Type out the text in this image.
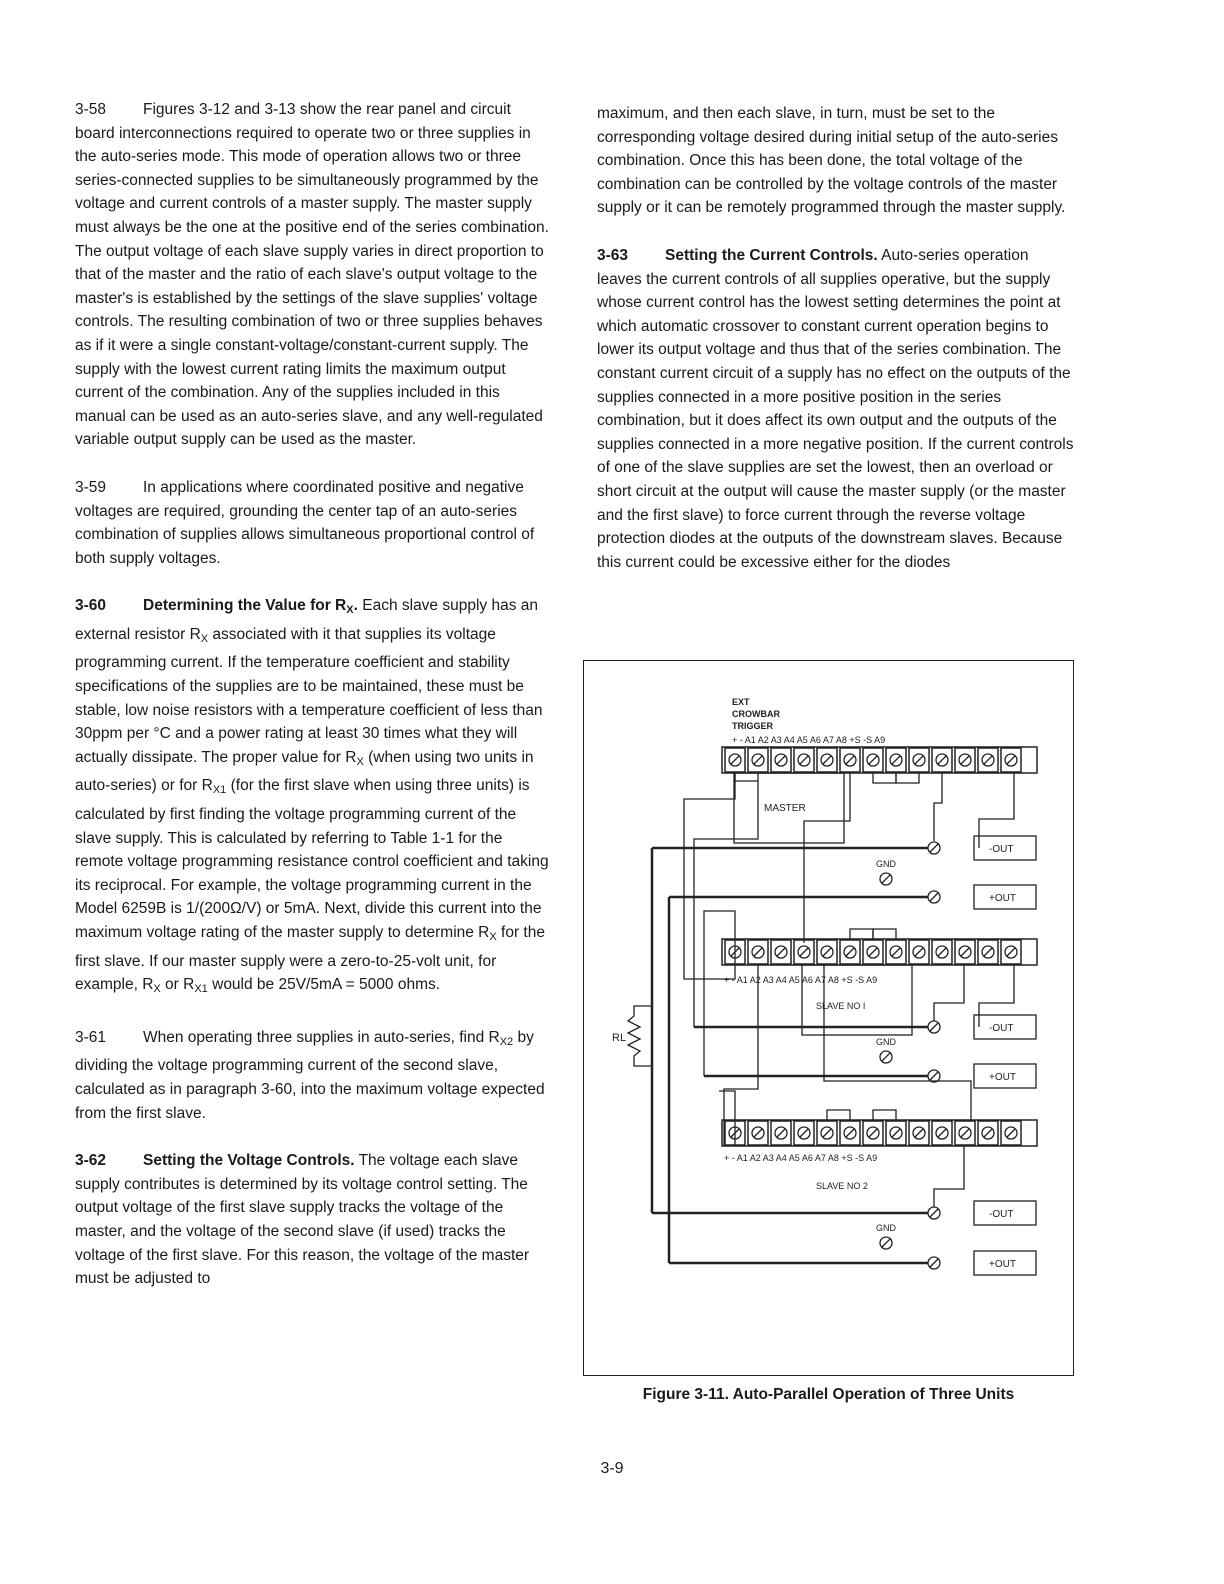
3-58 Figures 3-12 and 3-13 show the rear panel and circuit board interconnections required to operate two or three supplies in the auto-series mode. This mode of operation allows two or three series-connected supplies to be simultaneously programmed by the voltage and current controls of a master supply. The master supply must always be the one at the positive end of the series combination. The output voltage of each slave supply varies in direct proportion to that of the master and the ratio of each slave's output voltage to the master's is established by the settings of the slave supplies' voltage controls. The resulting combination of two or three supplies behaves as if it were a single constant-voltage/constant-current supply. The supply with the lowest current rating limits the maximum output current of the combination. Any of the supplies included in this manual can be used as an auto-series slave, and any well-regulated variable output supply can be used as the master.

3-59 In applications where coordinated positive and negative voltages are required, grounding the center tap of an auto-series combination of supplies allows simultaneous proportional control of both supply voltages.

3-60 Determining the Value for $R_X$. Each slave supply has an external resistor $R_X$ associated with it that supplies its voltage programming current. If the temperature coefficient and stability specifications of the supplies are to be maintained, these must be stable, low noise resistors with a temperature coefficient of less than 30ppm per °C and a power rating at least 30 times what they will actually dissipate. The proper value for $R_X$ (when using two units in auto-series) or for $R_{X1}$ (for the first slave when using three units) is calculated by first finding the voltage programming current of the slave supply. This is calculated by referring to Table 1-1 for the remote voltage programming resistance control coefficient and taking its reciprocal. For example, the voltage programming current in the Model 6259B is 1/(200Ω/V) or 5mA. Next, divide this current into the maximum voltage rating of the master supply to determine $R_X$ for the first slave. If our master supply were a zero-to-25-volt unit, for example, $R_X$ or $R_{X1}$ would be 25V/5mA = 5000 ohms.

3-61 When operating three supplies in auto-series, find $R_{X2}$ by dividing the voltage programming current of the second slave, calculated as in paragraph 3-60, into the maximum voltage expected from the first slave.

3-62 Setting the Voltage Controls. The voltage each slave supply contributes is determined by its voltage control setting. The output voltage of the first slave supply tracks the voltage of the master, and the voltage of the second slave (if used) tracks the voltage of the first slave. For this reason, the voltage of the master must be adjusted to

maximum, and then each slave, in turn, must be set to the corresponding voltage desired during initial setup of the auto-series combination. Once this has been done, the total voltage of the combination can be controlled by the voltage controls of the master supply or it can be remotely programmed through the master supply.

3-63 Setting the Current Controls. Auto-series operation leaves the current controls of all supplies operative, but the supply whose current control has the lowest setting determines the point at which automatic crossover to constant current operation begins to lower its output voltage and thus that of the series combination. The constant current circuit of a supply has no effect on the outputs of the supplies connected in a more positive position in the series combination, but it does affect its own output and the outputs of the supplies connected in a more negative position. If the current controls of one of the slave supplies are set the lowest, then an overload or short circuit at the output will cause the master supply (or the master and the first slave) to force current through the reverse voltage protection diodes at the outputs of the downstream slaves. Because this current could be excessive either for the diodes

EXT
CROWBAR
TRIGGER
+ - A1 A2 A3 A4 A5 A6 A7 A8 +S -S A9
MASTER
-OUT
GND
+OUT
+ - A1 A2 A3 A4 A5 A6 A7 A8 +S -S A9
SLAVE NO I
-OUT
GND
+OUT
+ - A1 A2 A3 A4 A5 A6 A7 A8 +S -S A9
SLAVE NO 2
-OUT
GND
+OUT
RL
Figure 3-11. Auto-Parallel Operation of Three Units
3-9
